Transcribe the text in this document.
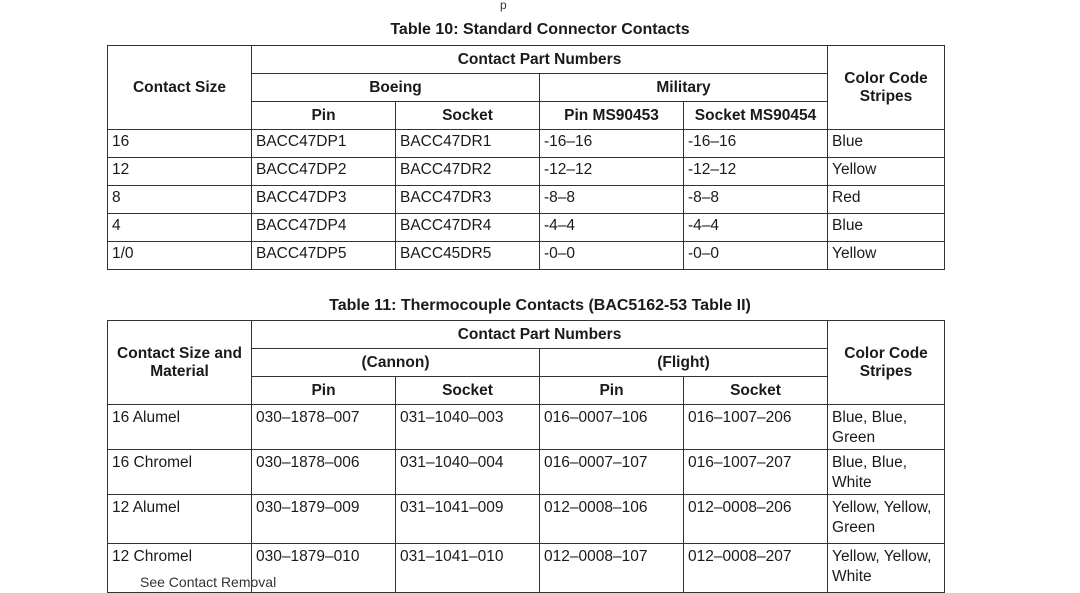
p
Table 10: Standard Connector Contacts
Contact Size	Contact Part Numbers				Color Code Stripes
	Boeing		Military		
	Pin	Socket	Pin MS90453	Socket MS90454	
16	BACC47DP1	BACC47DR1	-16–16	-16–16	Blue
12	BACC47DP2	BACC47DR2	-12–12	-12–12	Yellow
8	BACC47DP3	BACC47DR3	-8–8	-8–8	Red
4	BACC47DP4	BACC47DR4	-4–4	-4–4	Blue
1/0	BACC47DP5	BACC45DR5	-0–0	-0–0	Yellow
Table 11: Thermocouple Contacts (BAC5162-53 Table II)
Contact Size and Material	Contact Part Numbers				Color Code Stripes
	(Cannon)		(Flight)		
	Pin	Socket	Pin	Socket	
16 Alumel	030–1878–007	031–1040–003	016–0007–106	016–1007–206	Blue, Blue, Green
16 Chromel	030–1878–006	031–1040–004	016–0007–107	016–1007–207	Blue, Blue, White
12 Alumel	030–1879–009	031–1041–009	012–0008–106	012–0008–206	Yellow, Yellow, Green
12 Chromel	030–1879–010	031–1041–010	012–0008–107	012–0008–207	Yellow, Yellow, White
See Contact Removal
